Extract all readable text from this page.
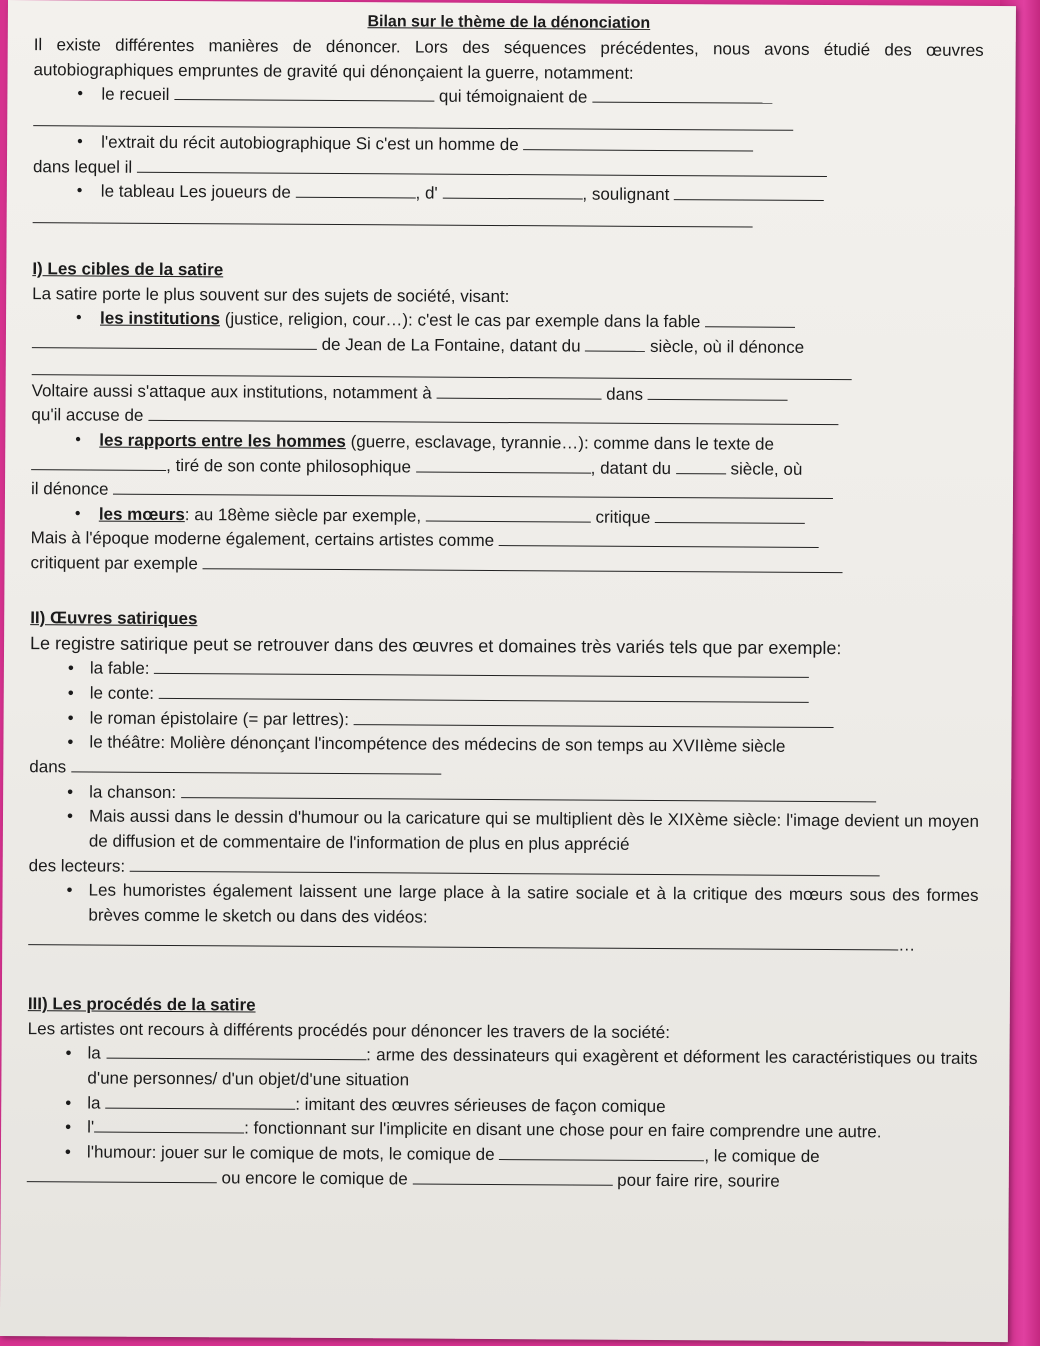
Bilan sur le thème de la dénonciation

Il existe différentes manières de dénoncer. Lors des séquences précédentes, nous avons étudié des œuvres autobiographiques empruntes de gravité qui dénonçaient la guerre, notamment:

• le recueil	qui témoignaient de

• l'extrait du récit autobiographique Si c'est un homme de

dans lequel il

• le tableau Les joueurs de	, d'	, soulignant

I) Les cibles de la satire

La satire porte le plus souvent sur des sujets de société, visant:

• les institutions (justice, religion, cour…): c'est le cas par exemple dans la fable

de Jean de La Fontaine, datant du	siècle, où il dénonce

Voltaire aussi s'attaque aux institutions, notamment à	dans

qu'il accuse de

• les rapports entre les hommes (guerre, esclavage, tyrannie…): comme dans le texte de

, tiré de son conte philosophique	, datant du	siècle, où

il dénonce

• les mœurs: au 18ème siècle par exemple,	critique

Mais à l'époque moderne également, certains artistes comme

critiquent par exemple

II) Œuvres satiriques

Le registre satirique peut se retrouver dans des œuvres et domaines très variés tels que par exemple:

• la fable:

• le conte:

• le roman épistolaire (= par lettres):

• le théâtre: Molière dénonçant l'incompétence des médecins de son temps au XVIIème siècle

dans

• la chanson:

• Mais aussi dans le dessin d'humour ou la caricature qui se multiplient dès le XIXème siècle: l'image devient un moyen de diffusion et de commentaire de l'information de plus en plus apprécié

des lecteurs:

• Les humoristes également laissent une large place à la satire sociale et à la critique des mœurs sous des formes brèves comme le sketch ou dans des vidéos:

…

III) Les procédés de la satire

Les artistes ont recours à différents procédés pour dénoncer les travers de la société:

• la	: arme des dessinateurs qui exagèrent et déforment les caractéristiques ou traits d'une personnes/ d'un objet/d'une situation

• la	: imitant des œuvres sérieuses de façon comique

• l'	: fonctionnant sur l'implicite en disant une chose pour en faire comprendre une autre.

• l'humour: jouer sur le comique de mots, le comique de	, le comique de

ou encore le comique de	pour faire rire, sourire
